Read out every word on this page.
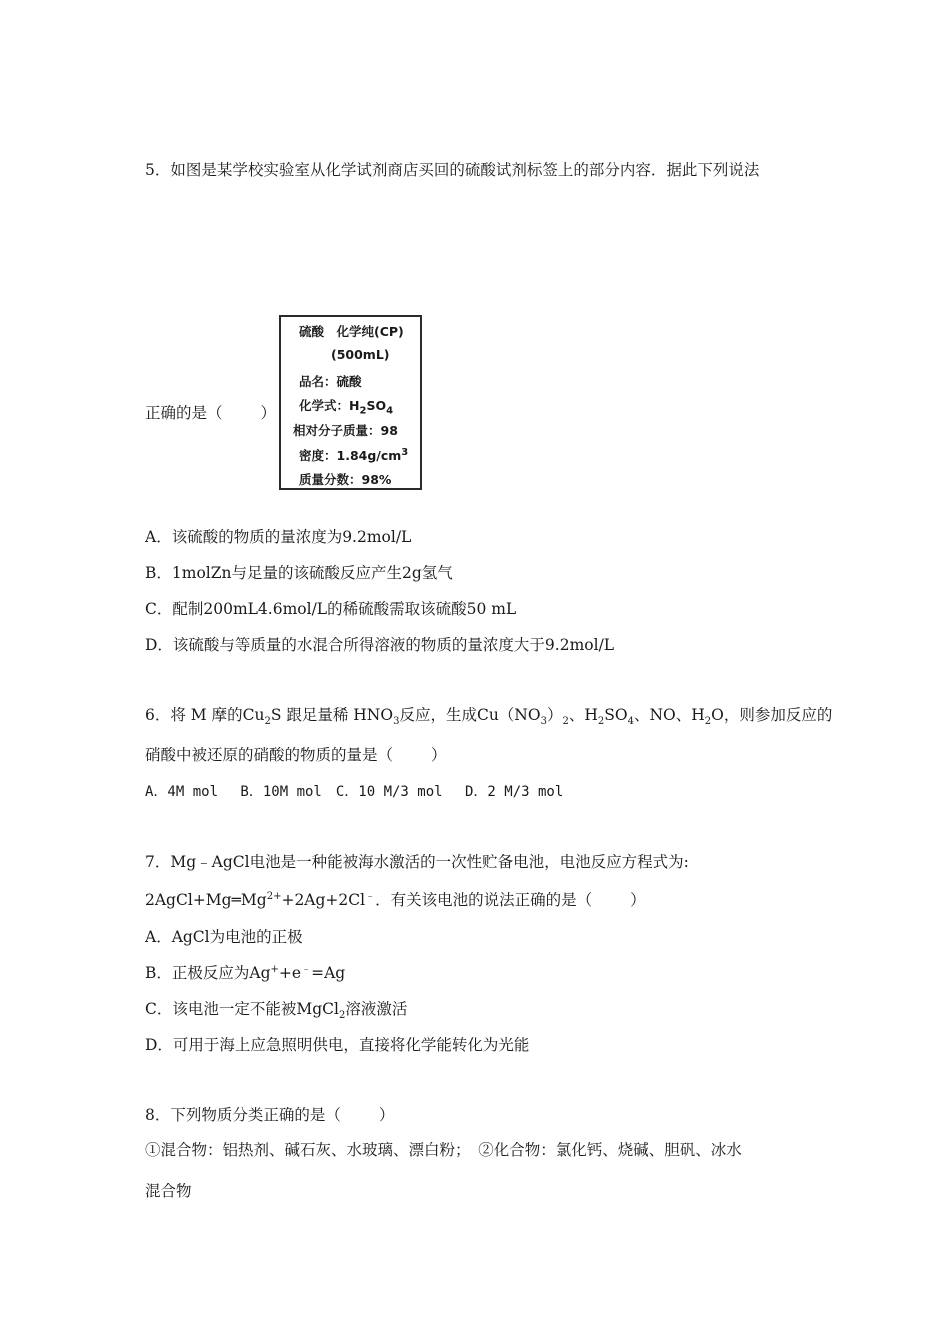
5．如图是某学校实验室从化学试剂商店买回的硫酸试剂标签上的部分内容．据此下列说法
正确的是（ ）
硫酸　化学纯(CP)
(500mL)
品名：硫酸
化学式：$H_2SO_4$
相对分子质量：98
密度：$1.84g/cm^3$
质量分数：98%
A．该硫酸的物质的量浓度为9.2mol/L
B．1molZn与足量的该硫酸反应产生2g氢气
C．配制200mL4.6mol/L的稀硫酸需取该硫酸50 mL
D．该硫酸与等质量的水混合所得溶液的物质的量浓度大于9.2mol/L
6．将 M 摩的$Cu_2S$ 跟足量稀 $HNO_3$反应，生成$Cu(NO_3)_2$、$H_2SO_4$、NO、$H_2O$，则参加反应的
硝酸中被还原的硝酸的物质的量是（ ）
A．4M mol　 B．10M mol　C．10 M/3 mol　 D．2 M/3 mol
7．Mg﹣AgCl电池是一种能被海水激活的一次性贮备电池，电池反应方程式为:
$2AgCl+Mg═Mg^{2+}+2Ag+2Cl^﹣$．有关该电池的说法正确的是（ ）
A．AgCl为电池的正极
B．正极反应为Ag++e﹣=Ag
C．该电池一定不能被MgCl$_2$溶液激活
D．可用于海上应急照明供电，直接将化学能转化为光能
8．下列物质分类正确的是（ ）
①混合物：铝热剂、碱石灰、水玻璃、漂白粉；　②化合物：氯化钙、烧碱、胆矾、冰水
混合物
